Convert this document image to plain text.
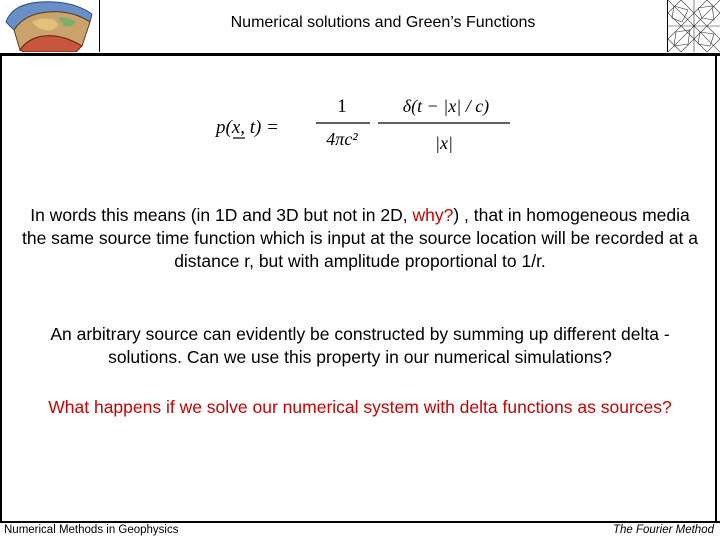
Numerical solutions and Green’s Functions
p(x, t) =
1
4πc²
δ(t − |x| / c)
|x|
In words this means (in 1D and 3D but not in 2D, why?) , that in homogeneous media the same source time function which is input at the source location will be recorded at a distance r, but with amplitude proportional to 1/r.
An arbitrary source can evidently be constructed by summing up different delta - solutions. Can we use this property in our numerical simulations?
What happens if we solve our numerical system with delta functions as sources?
Numerical Methods in Geophysics	The Fourier Method
